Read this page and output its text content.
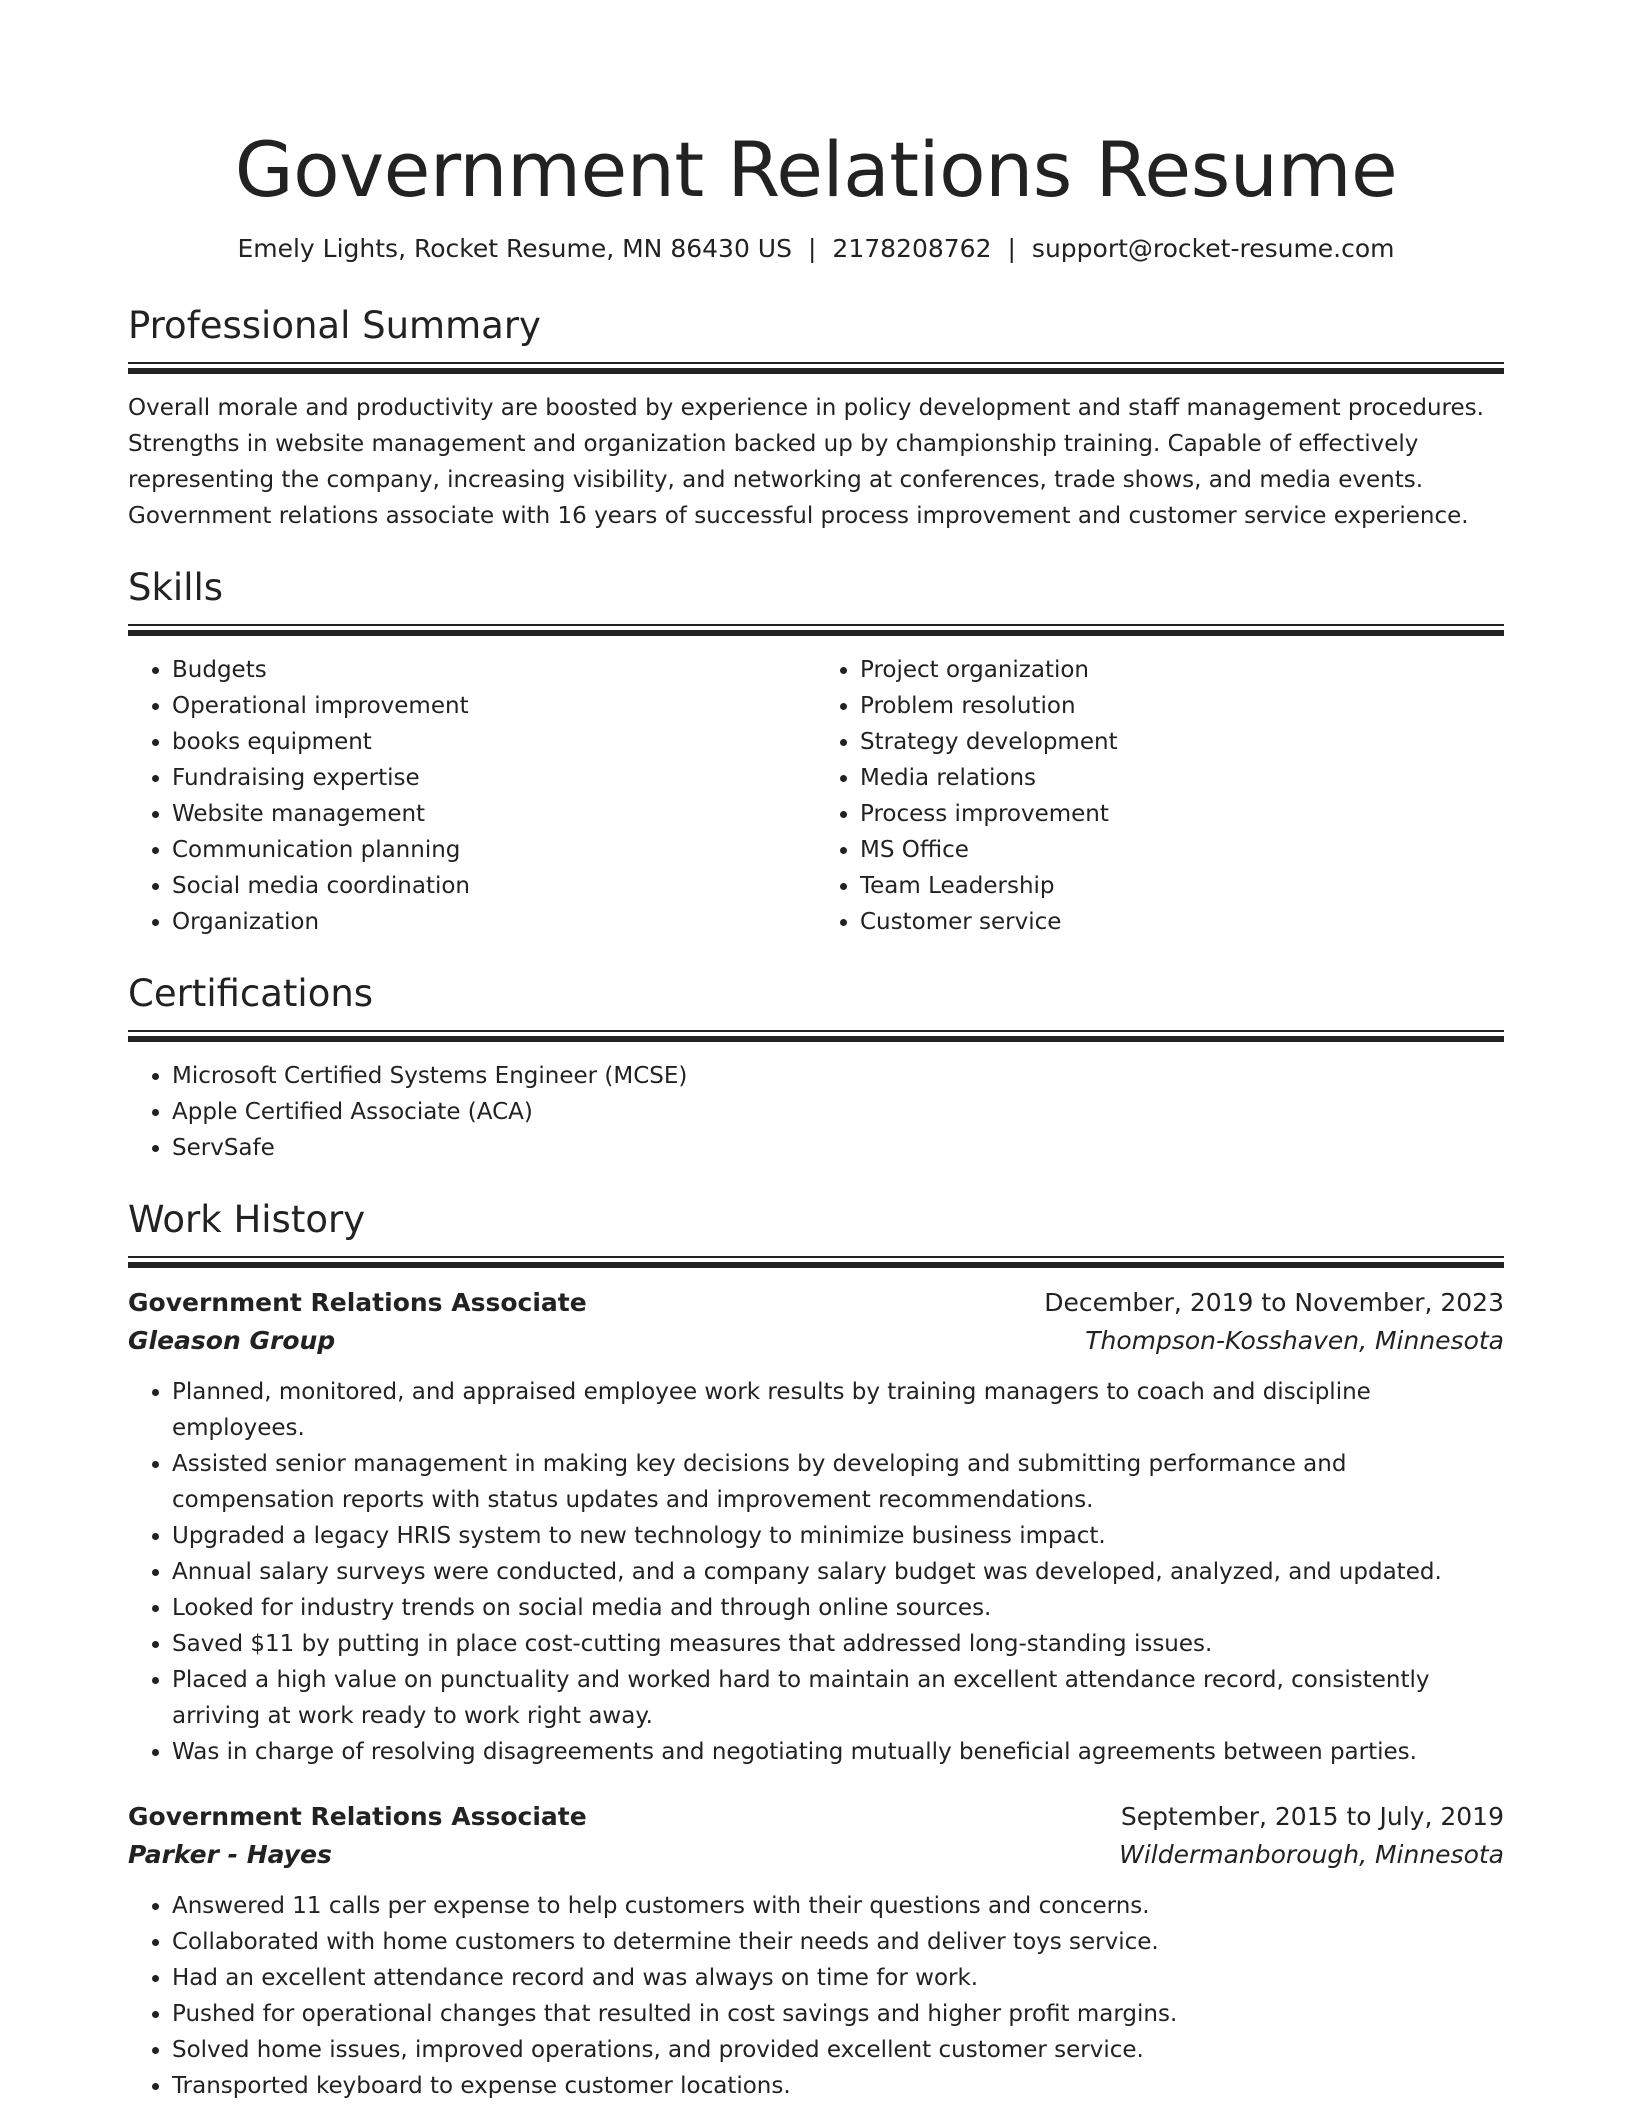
Government Relations Resume
Emely Lights, Rocket Resume, MN 86430 US | 2178208762 | support@rocket-resume.com
Professional Summary

Overall morale and productivity are boosted by experience in policy development and staff management procedures. Strengths in website management and organization backed up by championship training. Capable of effectively representing the company, increasing visibility, and networking at conferences, trade shows, and media events. Government relations associate with 16 years of successful process improvement and customer service experience.

Skills
• Budgets
• Operational improvement
• books equipment
• Fundraising expertise
• Website management
• Communication planning
• Social media coordination
• Organization
• Project organization
• Problem resolution
• Strategy development
• Media relations
• Process improvement
• MS Office
• Team Leadership
• Customer service
Certifications
• Microsoft Certified Systems Engineer (MCSE)
• Apple Certified Associate (ACA)
• ServSafe
Work History
Government Relations Associate	December, 2019 to November, 2023
Gleason Group	Thompson-Kosshaven, Minnesota
• Planned, monitored, and appraised employee work results by training managers to coach and discipline employees.
• Assisted senior management in making key decisions by developing and submitting performance and compensation reports with status updates and improvement recommendations.
• Upgraded a legacy HRIS system to new technology to minimize business impact.
• Annual salary surveys were conducted, and a company salary budget was developed, analyzed, and updated.
• Looked for industry trends on social media and through online sources.
• Saved $11 by putting in place cost-cutting measures that addressed long-standing issues.
• Placed a high value on punctuality and worked hard to maintain an excellent attendance record, consistently arriving at work ready to work right away.
• Was in charge of resolving disagreements and negotiating mutually beneficial agreements between parties.
Government Relations Associate	September, 2015 to July, 2019
Parker - Hayes	Wildermanborough, Minnesota
• Answered 11 calls per expense to help customers with their questions and concerns.
• Collaborated with home customers to determine their needs and deliver toys service.
• Had an excellent attendance record and was always on time for work.
• Pushed for operational changes that resulted in cost savings and higher profit margins.
• Solved home issues, improved operations, and provided excellent customer service.
• Transported keyboard to expense customer locations.
